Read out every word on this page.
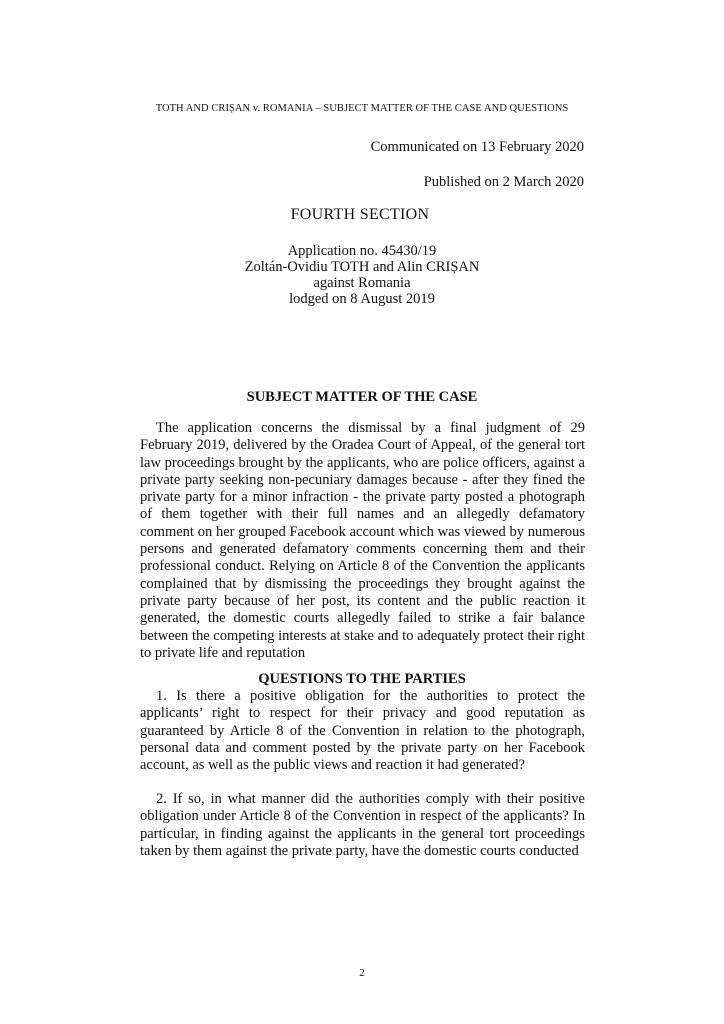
TOTH AND CRIȘAN v. ROMANIA – SUBJECT MATTER OF THE CASE AND QUESTIONS
Communicated on 13 February 2020
Published on 2 March 2020
FOURTH SECTION
Application no. 45430/19
Zoltán-Ovidiu TOTH and Alin CRIȘAN
against Romania
lodged on 8 August 2019
SUBJECT MATTER OF THE CASE
The application concerns the dismissal by a final judgment of 29 February 2019, delivered by the Oradea Court of Appeal, of the general tort law proceedings brought by the applicants, who are police officers, against a private party seeking non-pecuniary damages because - after they fined the private party for a minor infraction - the private party posted a photograph of them together with their full names and an allegedly defamatory comment on her grouped Facebook account which was viewed by numerous persons and generated defamatory comments concerning them and their professional conduct. Relying on Article 8 of the Convention the applicants complained that by dismissing the proceedings they brought against the private party because of her post, its content and the public reaction it generated, the domestic courts allegedly failed to strike a fair balance between the competing interests at stake and to adequately protect their right to private life and reputation
QUESTIONS TO THE PARTIES
1. Is there a positive obligation for the authorities to protect the applicants’ right to respect for their privacy and good reputation as guaranteed by Article 8 of the Convention in relation to the photograph, personal data and comment posted by the private party on her Facebook account, as well as the public views and reaction it had generated?
2. If so, in what manner did the authorities comply with their positive obligation under Article 8 of the Convention in respect of the applicants? In particular, in finding against the applicants in the general tort proceedings taken by them against the private party, have the domestic courts conducted
2
